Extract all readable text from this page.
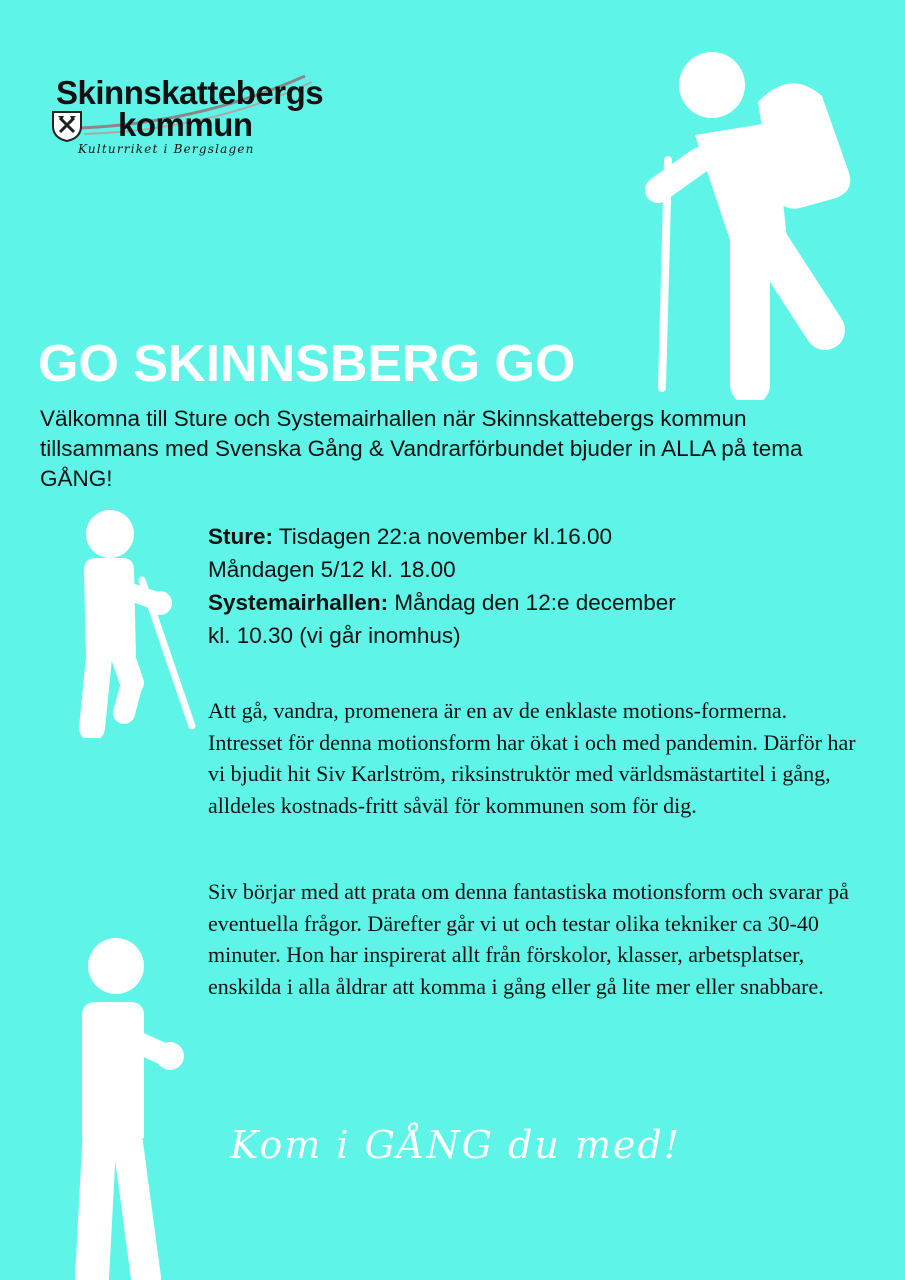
Skinnskattebergs
kommun
Kulturriket i Bergslagen
GO SKINNSBERG GO
Välkomna till Sture och Systemairhallen när Skinnskattebergs kommun tillsammans med Svenska Gång & Vandrarförbundet bjuder in ALLA på tema GÅNG!
Sture: Tisdagen 22:a november kl.16.00
Måndagen 5/12 kl. 18.00
Systemairhallen: Måndag den 12:e december
kl. 10.30 (vi går inomhus)
Att gå, vandra, promenera är en av de enklaste motions-formerna. Intresset för denna motionsform har ökat i och med pandemin. Därför har vi bjudit hit Siv Karlström, riksinstruktör med världsmästartitel i gång, alldeles kostnads-fritt såväl för kommunen som för dig.
Siv börjar med att prata om denna fantastiska motionsform och svarar på eventuella frågor. Därefter går vi ut och testar olika tekniker ca 30-40 minuter. Hon har inspirerat allt från förskolor, klasser, arbetsplatser, enskilda i alla åldrar att komma i gång eller gå lite mer eller snabbare.
Kom i GÅNG du med!
